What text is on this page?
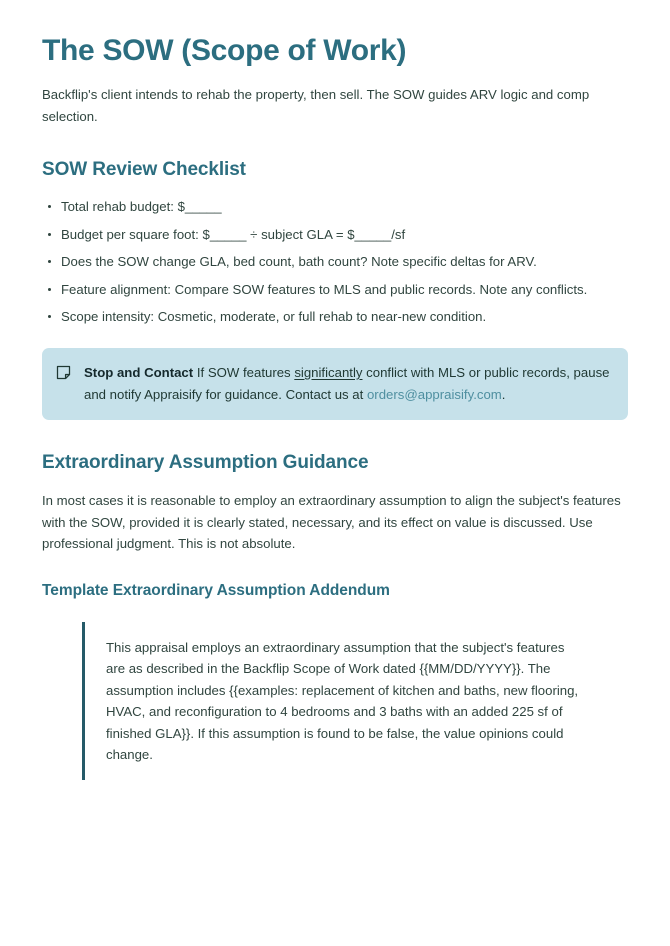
The SOW (Scope of Work)

Backflip's client intends to rehab the property, then sell. The SOW guides ARV logic and comp selection.

SOW Review Checklist
Total rehab budget: $_____
Budget per square foot: $_____ ÷ subject GLA = $_____/sf
Does the SOW change GLA, bed count, bath count? Note specific deltas for ARV.
Feature alignment: Compare SOW features to MLS and public records. Note any conflicts.
Scope intensity: Cosmetic, moderate, or full rehab to near-new condition.
Stop and Contact If SOW features significantly conflict with MLS or public records, pause and notify Appraisify for guidance. Contact us at orders@appraisify.com.
Extraordinary Assumption Guidance

In most cases it is reasonable to employ an extraordinary assumption to align the subject's features with the SOW, provided it is clearly stated, necessary, and its effect on value is discussed. Use professional judgment. This is not absolute.

Template Extraordinary Assumption Addendum

This appraisal employs an extraordinary assumption that the subject's features are as described in the Backflip Scope of Work dated {{MM/DD/YYYY}}. The assumption includes {{examples: replacement of kitchen and baths, new flooring, HVAC, and reconfiguration to 4 bedrooms and 3 baths with an added 225 sf of finished GLA}}. If this assumption is found to be false, the value opinions could change.
